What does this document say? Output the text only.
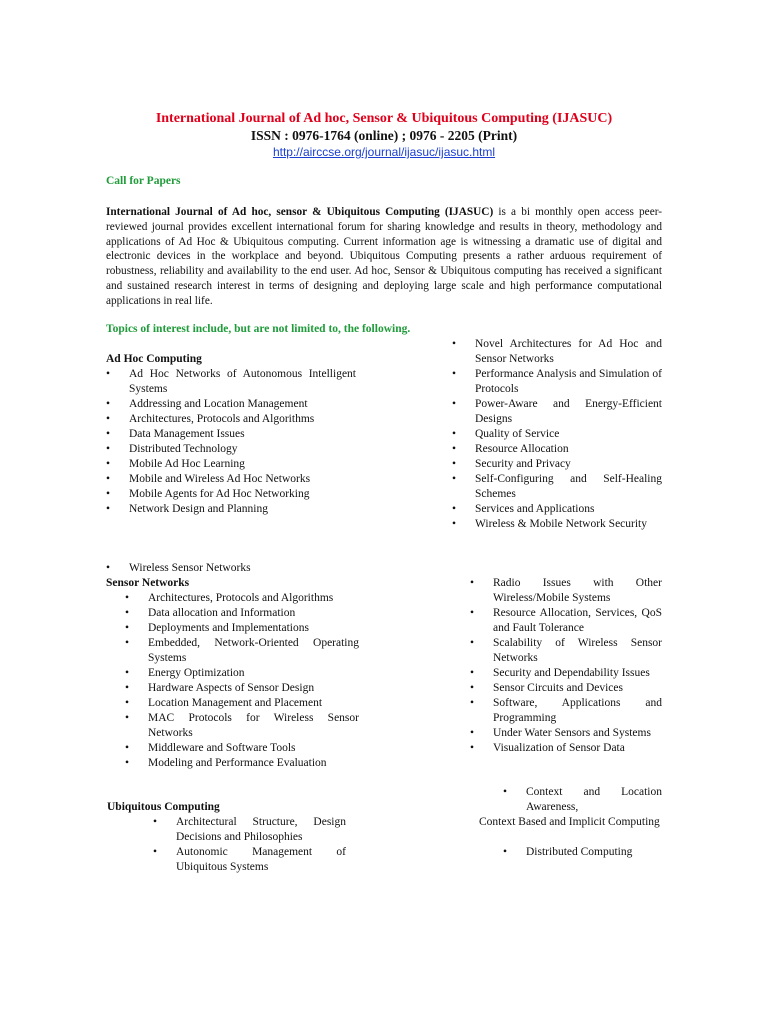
International Journal of Ad hoc, Sensor & Ubiquitous Computing (IJASUC)
ISSN : 0976-1764 (online) ; 0976 - 2205 (Print)
http://airccse.org/journal/ijasuc/ijasuc.html
Call for Papers
International Journal of Ad hoc, sensor & Ubiquitous Computing (IJASUC) is a bi monthly open access peer-reviewed journal provides excellent international forum for sharing knowledge and results in theory, methodology and applications of Ad Hoc & Ubiquitous computing. Current information age is witnessing a dramatic use of digital and electronic devices in the workplace and beyond. Ubiquitous Computing presents a rather arduous requirement of robustness, reliability and availability to the end user. Ad hoc, Sensor & Ubiquitous computing has received a significant and sustained research interest in terms of designing and deploying large scale and high performance computational applications in real life.
Topics of interest include, but are not limited to, the following.
Ad Hoc Computing
• Ad Hoc Networks of Autonomous Intelligent Systems
• Addressing and Location Management
• Architectures, Protocols and Algorithms
• Data Management Issues
• Distributed Technology
• Mobile Ad Hoc Learning
• Mobile and Wireless Ad Hoc Networks
• Mobile Agents for Ad Hoc Networking
• Network Design and Planning
• Novel Architectures for Ad Hoc and Sensor Networks
• Performance Analysis and Simulation of Protocols
• Power-Aware and Energy-Efficient Designs
• Quality of Service
• Resource Allocation
• Security and Privacy
• Self-Configuring and Self-Healing Schemes
• Services and Applications
• Wireless & Mobile Network Security
• Wireless Sensor Networks
Sensor Networks
• Architectures, Protocols and Algorithms
• Data allocation and Information
• Deployments and Implementations
• Embedded, Network-Oriented Operating Systems
• Energy Optimization
• Hardware Aspects of Sensor Design
• Location Management and Placement
• MAC Protocols for Wireless Sensor Networks
• Middleware and Software Tools
• Modeling and Performance Evaluation
• Radio Issues with Other Wireless/Mobile Systems
• Resource Allocation, Services, QoS and Fault Tolerance
• Scalability of Wireless Sensor Networks
• Security and Dependability Issues
• Sensor Circuits and Devices
• Software, Applications and Programming
• Under Water Sensors and Systems
• Visualization of Sensor Data
Ubiquitous Computing
• Architectural Structure, Design Decisions and Philosophies
• Autonomic Management of Ubiquitous Systems
• Context and Location Awareness,
Context Based and Implicit Computing
• Distributed Computing
